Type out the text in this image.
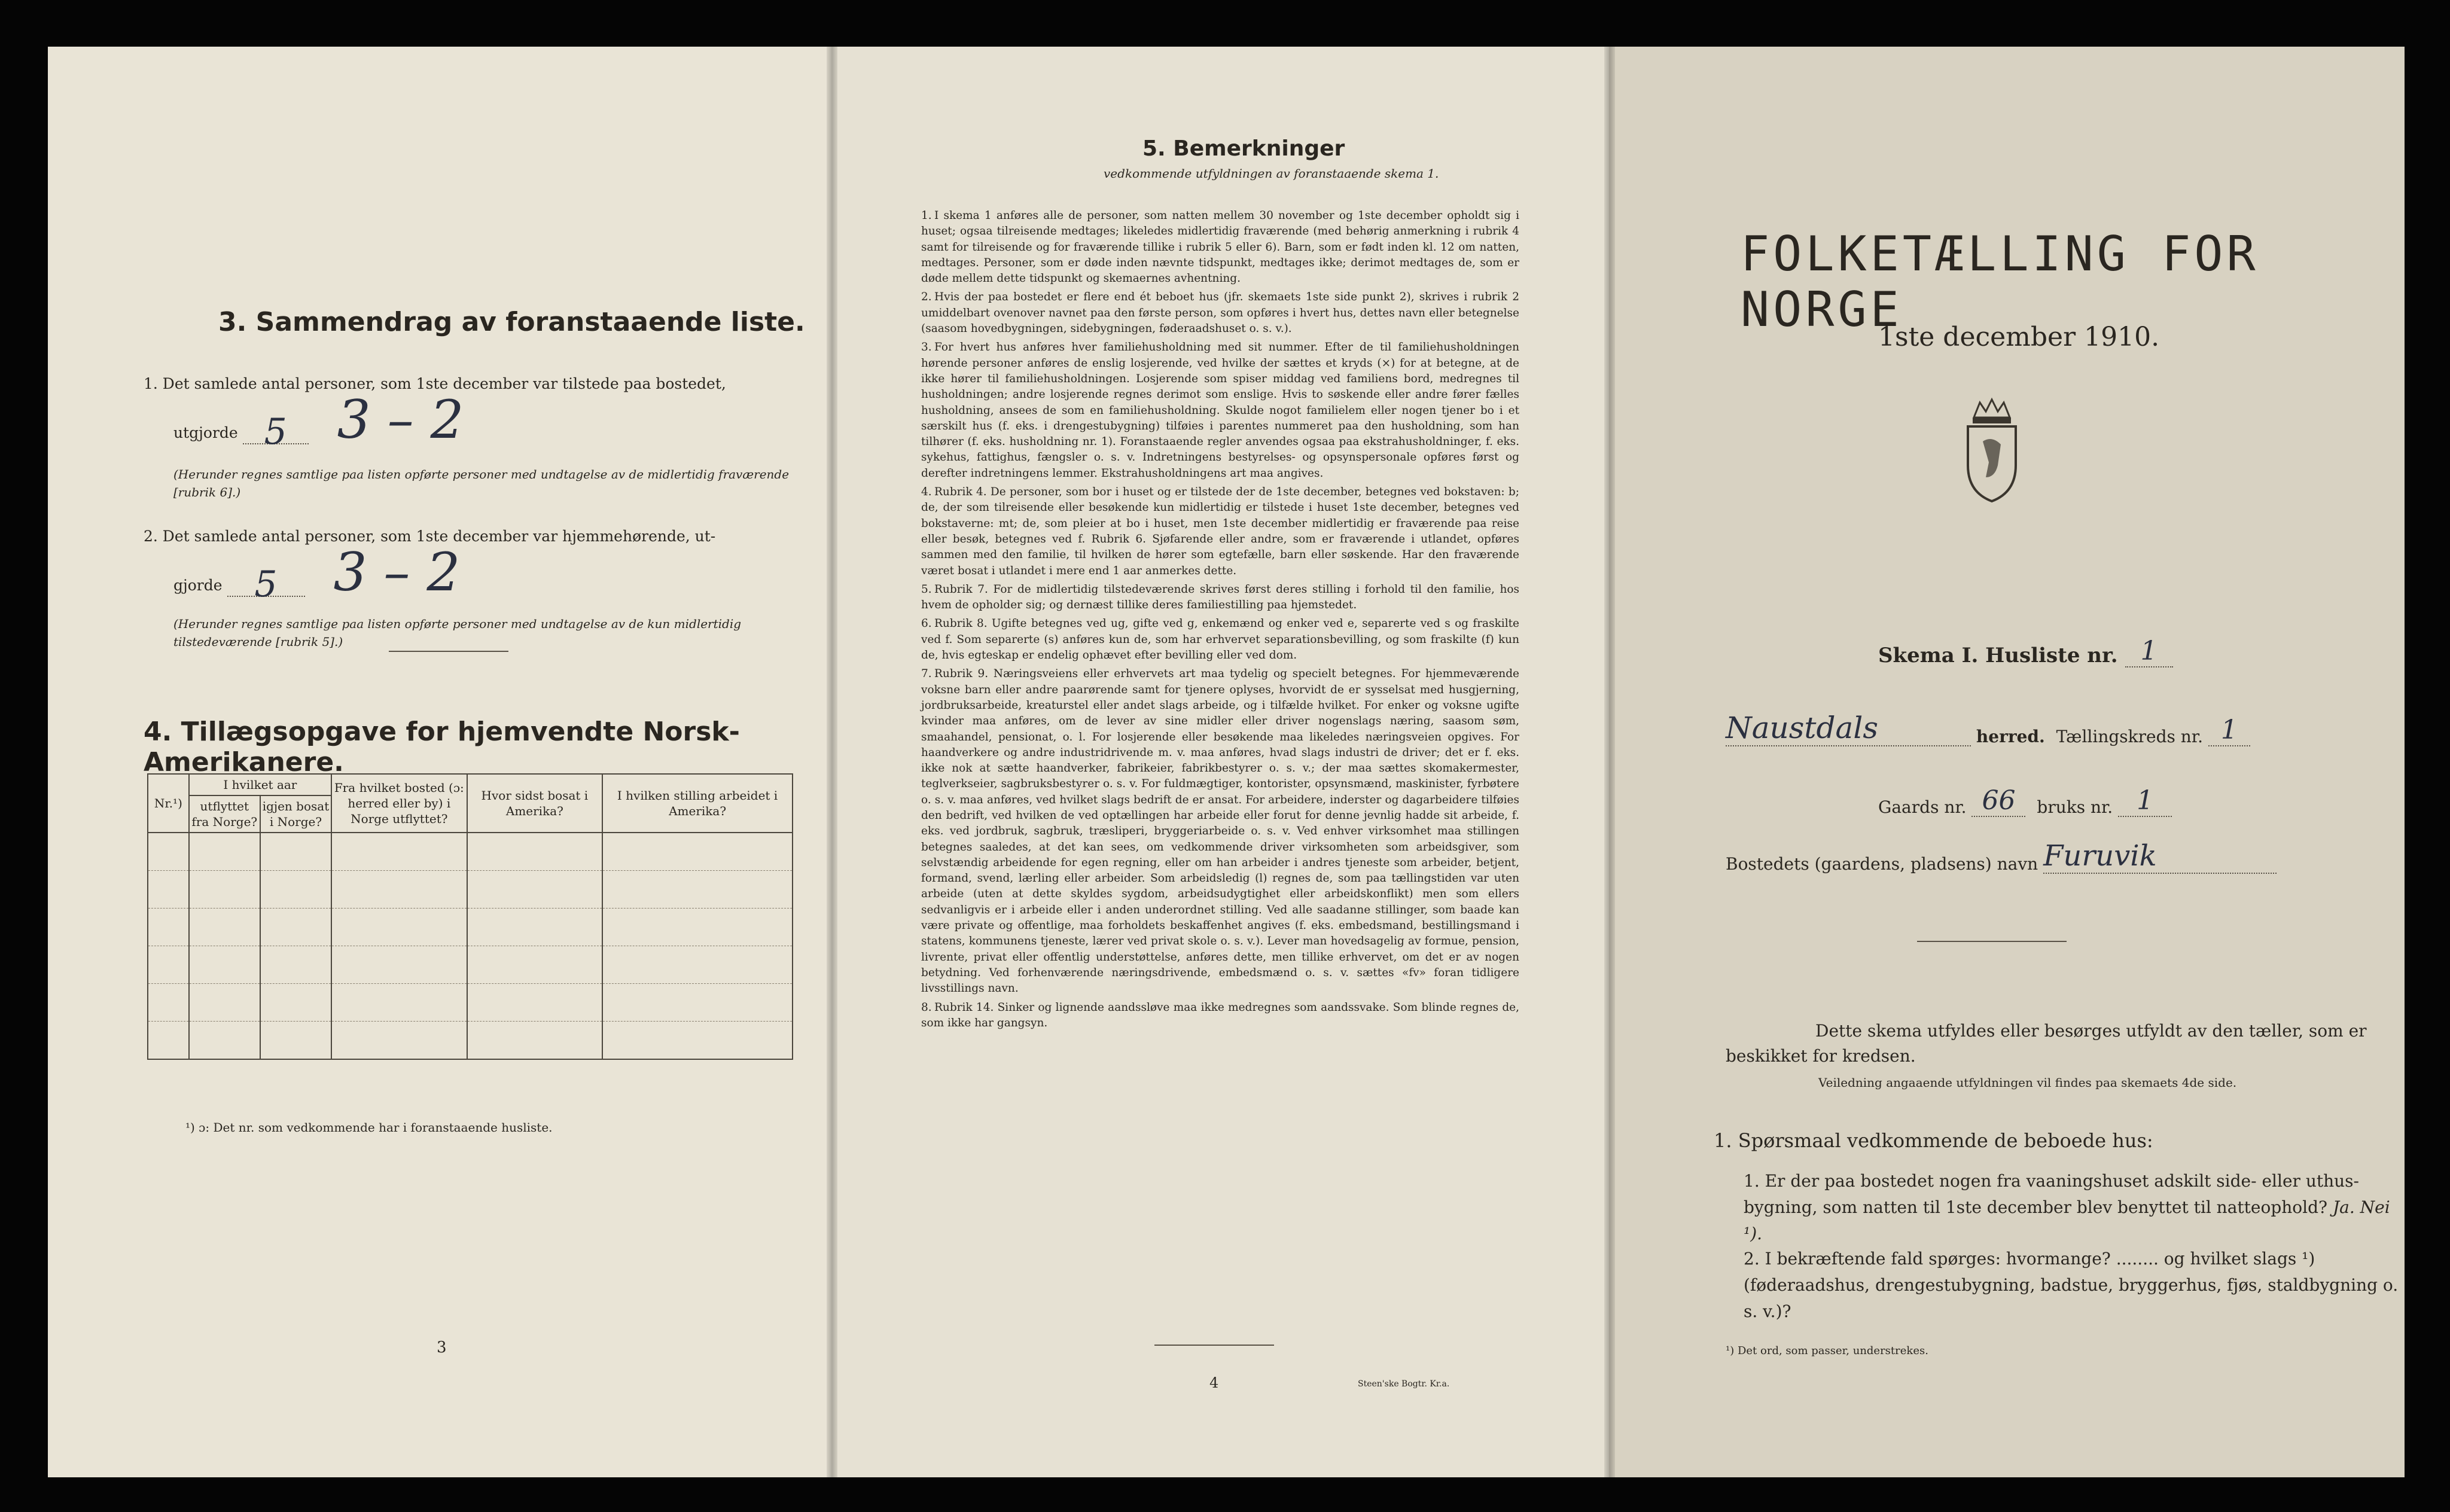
3. Sammendrag av foranstaaende liste.
1. Det samlede antal personer, som 1ste december var tilstede paa bostedet,
utgjorde 5 3 – 2
(Herunder regnes samtlige paa listen opførte personer med undtagelse av de midlertidig fraværende [rubrik 6].)
2. Det samlede antal personer, som 1ste december var hjemmehørende, ut-
gjorde 5 3 – 2
(Herunder regnes samtlige paa listen opførte personer med undtagelse av de kun midlertidig tilstedeværende [rubrik 5].)
4. Tillægsopgave for hjemvendte Norsk-Amerikanere.
Nr.¹)	I hvilket aar		Fra hvilket bosted (ɔ: herred eller by) i Norge utflyttet?	Hvor sidst bosat i Amerika?	I hvilken stilling arbeidet i Amerika?
	utflyttet fra Norge?	igjen bosat i Norge?			

¹) ɔ: Det nr. som vedkommende har i foranstaaende husliste.
3
5. Bemerkninger
vedkommende utfyldningen av foranstaaende skema 1.
1. I skema 1 anføres alle de personer, som natten mellem 30 november og 1ste december opholdt sig i huset; ogsaa tilreisende medtages; likeledes midlertidig fraværende (med behørig anmerkning i rubrik 4 samt for tilreisende og for fraværende tillike i rubrik 5 eller 6). Barn, som er født inden kl. 12 om natten, medtages. Personer, som er døde inden nævnte tidspunkt, medtages ikke; derimot medtages de, som er døde mellem dette tidspunkt og skemaernes avhentning.
2. Hvis der paa bostedet er flere end ét beboet hus (jfr. skemaets 1ste side punkt 2), skrives i rubrik 2 umiddelbart ovenover navnet paa den første person, som opføres i hvert hus, dettes navn eller betegnelse (saasom hovedbygningen, sidebygningen, føderaadshuset o. s. v.).
3. For hvert hus anføres hver familiehusholdning med sit nummer. Efter de til familiehusholdningen hørende personer anføres de enslig losjerende, ved hvilke der sættes et kryds (×) for at betegne, at de ikke hører til familiehusholdningen. Losjerende som spiser middag ved familiens bord, medregnes til husholdningen; andre losjerende regnes derimot som enslige. Hvis to søskende eller andre fører fælles husholdning, ansees de som en familiehusholdning. Skulde nogot familielem eller nogen tjener bo i et særskilt hus (f. eks. i drengestubygning) tilføies i parentes nummeret paa den husholdning, som han tilhører (f. eks. husholdning nr. 1). Foranstaaende regler anvendes ogsaa paa ekstrahusholdninger, f. eks. sykehus, fattighus, fængsler o. s. v. Indretningens bestyrelses- og opsynspersonale opføres først og derefter indretningens lemmer. Ekstrahusholdningens art maa angives.
4. Rubrik 4. De personer, som bor i huset og er tilstede der de 1ste december, betegnes ved bokstaven: b; de, der som tilreisende eller besøkende kun midlertidig er tilstede i huset 1ste december, betegnes ved bokstaverne: mt; de, som pleier at bo i huset, men 1ste december midlertidig er fraværende paa reise eller besøk, betegnes ved f. Rubrik 6. Sjøfarende eller andre, som er fraværende i utlandet, opføres sammen med den familie, til hvilken de hører som egtefælle, barn eller søskende. Har den fraværende været bosat i utlandet i mere end 1 aar anmerkes dette.
5. Rubrik 7. For de midlertidig tilstedeværende skrives først deres stilling i forhold til den familie, hos hvem de opholder sig; og dernæst tillike deres familiestilling paa hjemstedet.
6. Rubrik 8. Ugifte betegnes ved ug, gifte ved g, enkemænd og enker ved e, separerte ved s og fraskilte ved f. Som separerte (s) anføres kun de, som har erhvervet separationsbevilling, og som fraskilte (f) kun de, hvis egteskap er endelig ophævet efter bevilling eller ved dom.
7. Rubrik 9. Næringsveiens eller erhvervets art maa tydelig og specielt betegnes. For hjemmeværende voksne barn eller andre paarørende samt for tjenere oplyses, hvorvidt de er sysselsat med husgjerning, jordbruksarbeide, kreaturstel eller andet slags arbeide, og i tilfælde hvilket. For enker og voksne ugifte kvinder maa anføres, om de lever av sine midler eller driver nogenslags næring, saasom søm, smaahandel, pensionat, o. l. For losjerende eller besøkende maa likeledes næringsveien opgives. For haandverkere og andre industridrivende m. v. maa anføres, hvad slags industri de driver; det er f. eks. ikke nok at sætte haandverker, fabrikeier, fabrikbestyrer o. s. v.; der maa sættes skomakermester, teglverkseier, sagbruksbestyrer o. s. v. For fuldmægtiger, kontorister, opsynsmænd, maskinister, fyrbøtere o. s. v. maa anføres, ved hvilket slags bedrift de er ansat. For arbeidere, inderster og dagarbeidere tilføies den bedrift, ved hvilken de ved optællingen har arbeide eller forut for denne jevnlig hadde sit arbeide, f. eks. ved jordbruk, sagbruk, træsliperi, bryggeriarbeide o. s. v. Ved enhver virksomhet maa stillingen betegnes saaledes, at det kan sees, om vedkommende driver virksomheten som arbeidsgiver, som selvstændig arbeidende for egen regning, eller om han arbeider i andres tjeneste som arbeider, betjent, formand, svend, lærling eller arbeider. Som arbeidsledig (l) regnes de, som paa tællingstiden var uten arbeide (uten at dette skyldes sygdom, arbeidsudygtighet eller arbeidskonflikt) men som ellers sedvanligvis er i arbeide eller i anden underordnet stilling. Ved alle saadanne stillinger, som baade kan være private og offentlige, maa forholdets beskaffenhet angives (f. eks. embedsmand, bestillingsmand i statens, kommunens tjeneste, lærer ved privat skole o. s. v.). Lever man hovedsagelig av formue, pension, livrente, privat eller offentlig understøttelse, anføres dette, men tillike erhvervet, om det er av nogen betydning. Ved forhenværende næringsdrivende, embedsmænd o. s. v. sættes «fv» foran tidligere livsstillings navn.
8. Rubrik 14. Sinker og lignende aandssløve maa ikke medregnes som aandssvake. Som blinde regnes de, som ikke har gangsyn.
4	Steen'ske Bogtr. Kr.a.
FOLKETÆLLING FOR NORGE
1ste december 1910.
Skema I. Husliste nr. 1
Naustdals	herred. Tællingskreds nr. 1
Gaards nr. 66 bruks nr. 1
Bostedets (gaardens, pladsens) navn Furuvik
Dette skema utfyldes eller besørges utfyldt av den tæller, som er beskikket for kredsen.
Veiledning angaaende utfyldningen vil findes paa skemaets 4de side.
1. Spørsmaal vedkommende de beboede hus:
1. Er der paa bostedet nogen fra vaaningshuset adskilt side- eller uthus-bygning, som natten til 1ste december blev benyttet til natteophold? Ja. Nei ¹).
2. I bekræftende fald spørges: hvormange? ........ og hvilket slags ¹) (føderaadshus, drengestubygning, badstue, bryggerhus, fjøs, staldbygning o. s. v.)?
¹) Det ord, som passer, understrekes.
